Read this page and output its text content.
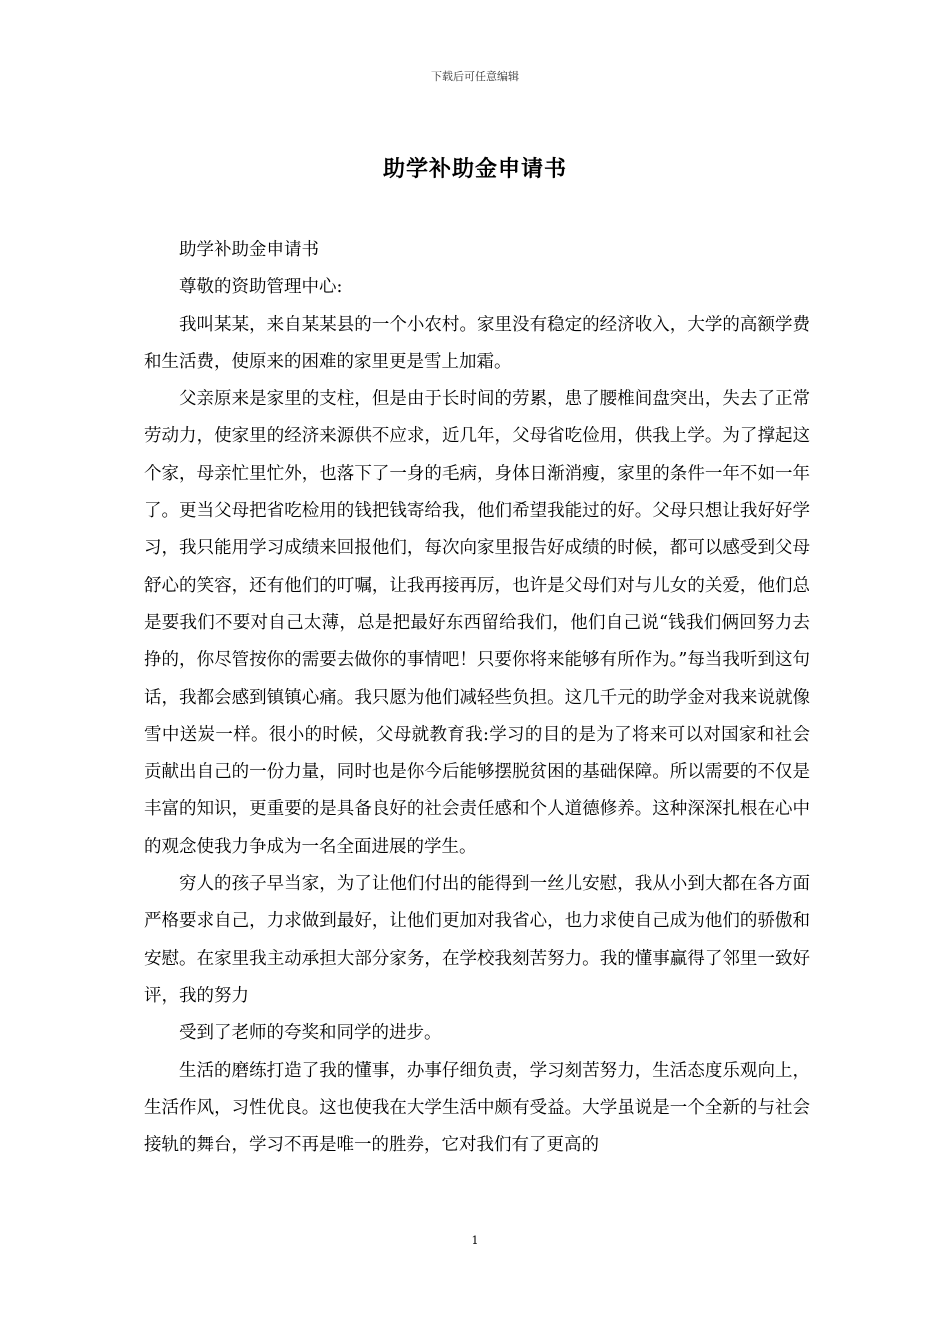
下载后可任意编辑
助学补助金申请书

助学补助金申请书

尊敬的资助管理中心:

我叫某某，来自某某县的一个小农村。家里没有稳定的经济收入，大学的高额学费和生活费，使原来的困难的家里更是雪上加霜。

父亲原来是家里的支柱，但是由于长时间的劳累，患了腰椎间盘突出，失去了正常劳动力，使家里的经济来源供不应求，近几年，父母省吃俭用，供我上学。为了撑起这个家，母亲忙里忙外，也落下了一身的毛病，身体日渐消瘦，家里的条件一年不如一年了。更当父母把省吃检用的钱把钱寄给我，他们希望我能过的好。父母只想让我好好学习，我只能用学习成绩来回报他们，每次向家里报告好成绩的时候，都可以感受到父母舒心的笑容，还有他们的叮嘱，让我再接再厉，也许是父母们对与儿女的关爱，他们总是要我们不要对自己太薄，总是把最好东西留给我们，他们自己说“钱我们俩回努力去挣的，你尽管按你的需要去做你的事情吧！只要你将来能够有所作为。”每当我听到这句话，我都会感到镇镇心痛。我只愿为他们减轻些负担。这几千元的助学金对我来说就像雪中送炭一样。很小的时候，父母就教育我:学习的目的是为了将来可以对国家和社会贡献出自己的一份力量，同时也是你今后能够摆脱贫困的基础保障。所以需要的不仅是丰富的知识，更重要的是具备良好的社会责任感和个人道德修养。这种深深扎根在心中的观念使我力争成为一名全面进展的学生。

穷人的孩子早当家，为了让他们付出的能得到一丝儿安慰，我从小到大都在各方面严格要求自己，力求做到最好，让他们更加对我省心，也力求使自己成为他们的骄傲和安慰。在家里我主动承担大部分家务，在学校我刻苦努力。我的懂事赢得了邻里一致好评，我的努力

受到了老师的夸奖和同学的进步。

生活的磨练打造了我的懂事，办事仔细负责，学习刻苦努力，生活态度乐观向上，生活作风，习性优良。这也使我在大学生活中颇有受益。大学虽说是一个全新的与社会接轨的舞台，学习不再是唯一的胜券，它对我们有了更高的

1
